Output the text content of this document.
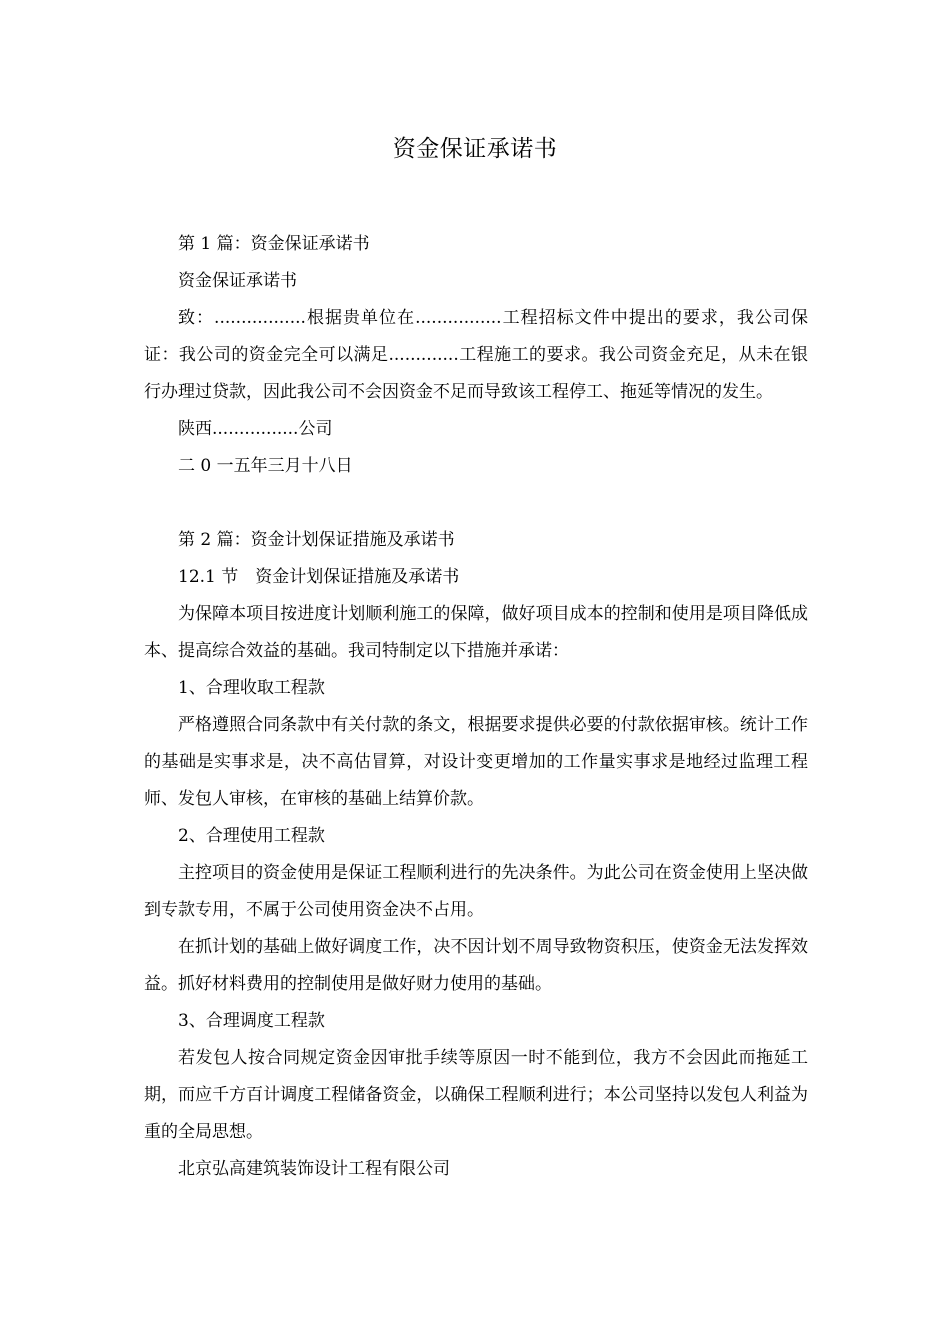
资金保证承诺书

第 1 篇：资金保证承诺书

资金保证承诺书

致：.................根据贵单位在................工程招标文件中提出的要求，我公司保证：我公司的资金完全可以满足.............工程施工的要求。我公司资金充足，从未在银行办理过贷款，因此我公司不会因资金不足而导致该工程停工、拖延等情况的发生。

陕西................公司

二 0 一五年三月十八日

第 2 篇：资金计划保证措施及承诺书

12.1 节　资金计划保证措施及承诺书

为保障本项目按进度计划顺利施工的保障，做好项目成本的控制和使用是项目降低成本、提高综合效益的基础。我司特制定以下措施并承诺：

1、合理收取工程款

严格遵照合同条款中有关付款的条文，根据要求提供必要的付款依据审核。统计工作的基础是实事求是，决不高估冒算，对设计变更增加的工作量实事求是地经过监理工程师、发包人审核，在审核的基础上结算价款。

2、合理使用工程款

主控项目的资金使用是保证工程顺利进行的先决条件。为此公司在资金使用上坚决做到专款专用，不属于公司使用资金决不占用。

在抓计划的基础上做好调度工作，决不因计划不周导致物资积压，使资金无法发挥效益。抓好材料费用的控制使用是做好财力使用的基础。

3、合理调度工程款

若发包人按合同规定资金因审批手续等原因一时不能到位，我方不会因此而拖延工期，而应千方百计调度工程储备资金，以确保工程顺利进行；本公司坚持以发包人利益为重的全局思想。

北京弘高建筑装饰设计工程有限公司
